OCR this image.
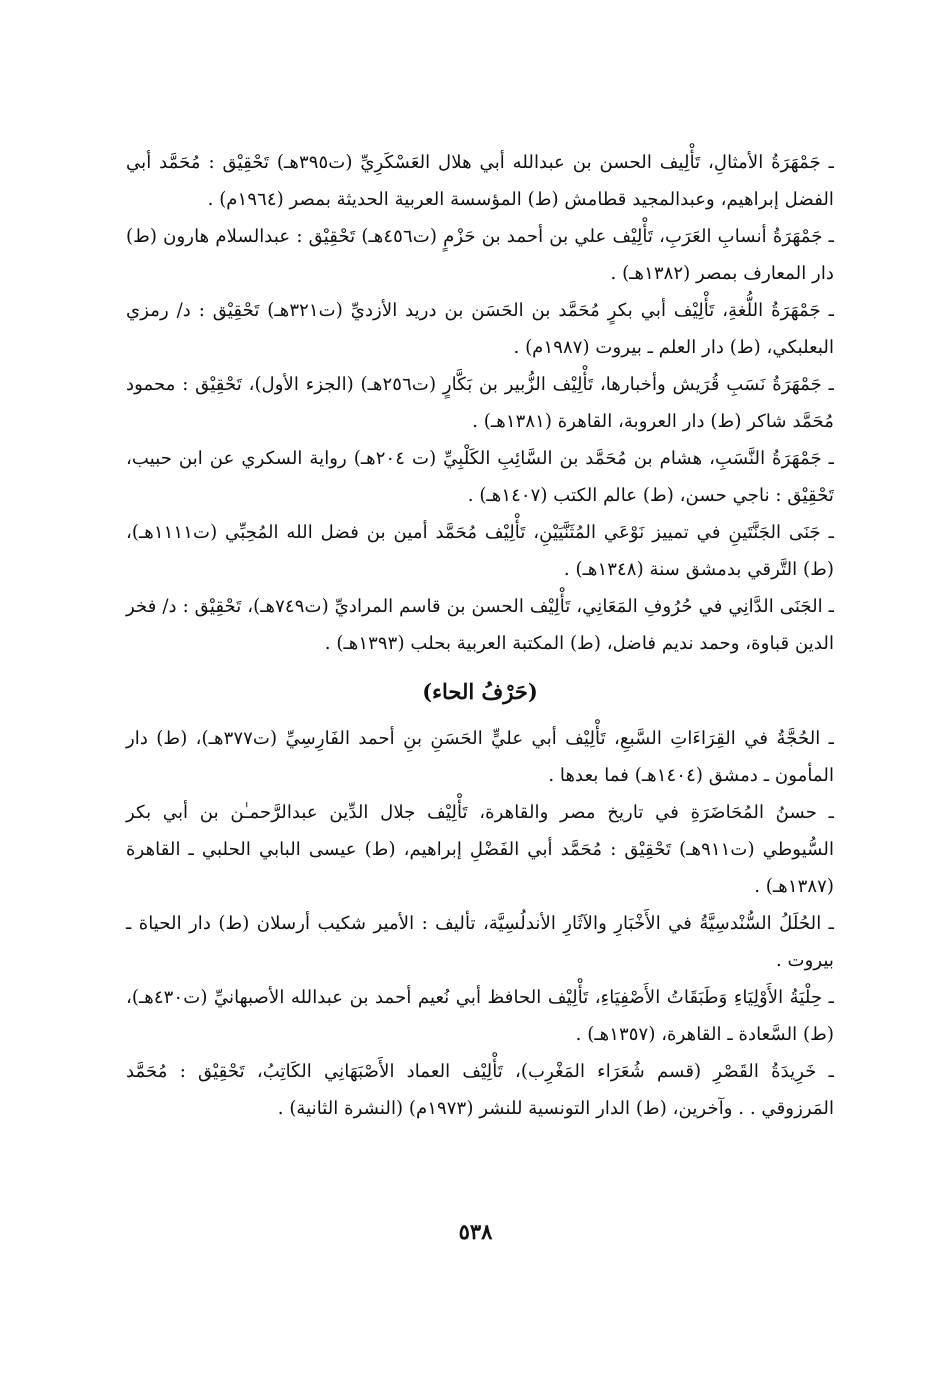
ـ جَمْهَرَةُ الأمثالِ، تَأْلِيف الحسن بن عبدالله أبي هلال العَسْكَرِيِّ (ت٣٩٥هـ) تَحْقِيْق : مُحَمَّد أبي الفضل إبراهيم، وعبدالمجيد قطامش (ط) المؤسسة العربية الحديثة بمصر (١٩٦٤م) .

ـ جَمْهَرَةُ أنسابِ العَرَبِ، تَأْلِيْف علي بن أحمد بن حَزْمٍ (ت٤٥٦هـ) تَحْقِيْق : عبدالسلام هارون (ط) دار المعارف بمصر (١٣٨٢هـ) .

ـ جَمْهَرَةُ اللُّغةِ، تَأْلِيْف أبي بكرٍ مُحَمَّد بن الحَسَن بن دريد الأزديِّ (ت٣٢١هـ) تَحْقِيْق : د/ رمزي البعلبكي، (ط) دار العلم ـ بيروت (١٩٨٧م) .

ـ جَمْهَرَةُ نَسَبِ قُرَيش وأخبارها، تَأْلِيْف الزُّبير بن بَكَّارٍ (ت٢٥٦هـ) (الجزء الأول)، تَحْقِيْق : محمود مُحَمَّد شاكر (ط) دار العروبة، القاهرة (١٣٨١هـ) .

ـ جَمْهَرَةُ النَّسَبِ، هشام بن مُحَمَّد بن السَّائِبِ الكَلْبِيِّ (ت ٢٠٤هـ) رواية السكري عن ابن حبيب، تَحْقِيْق : ناجي حسن، (ط) عالم الكتب (١٤٠٧هـ) .

ـ جَنَى الجَنَّتَينِ في تمييز نَوْعَي المُثَنَّيَيْنِ، تَأْلِيْف مُحَمَّد أمين بن فضل الله المُحِبِّي (ت١١١١هـ)، (ط) التَّرقي بدمشق سنة (١٣٤٨هـ) .

ـ الجَنَى الدَّانِي في حُرُوفِ المَعَانِي، تَأْلِيْف الحسن بن قاسم المراديِّ (ت٧٤٩هـ)، تَحْقِيْق : د/ فخر الدين قباوة، وحمد نديم فاضل، (ط) المكتبة العربية بحلب (١٣٩٣هـ) .

(حَرْفُ الحاء)

ـ الحُجَّةُ في القِرَاءَاتِ السَّبعِ، تَأْلِيْف أبي عليٍّ الحَسَنِ بنِ أحمد الفَارِسِيِّ (ت٣٧٧هـ)، (ط) دار المأمون ـ دمشق (١٤٠٤هـ) فما بعدها .

ـ حسنُ المُحَاضَرَةِ في تاريخ مصر والقاهرة، تَأْلِيْف جلال الدِّين عبدالرَّحمـٰن بن أبي بكر السُّيوطي (ت٩١١هـ) تَحْقِيْق : مُحَمَّد أبي الفَضْلِ إبراهيم، (ط) عيسى البابي الحلبي ـ القاهرة (١٣٨٧هـ) .

ـ الحُلَلُ السُّنْدسِيَّةُ في الأَخْبَارِ والآثَارِ الأندلُسِيَّة، تأليف : الأمير شكيب أرسلان (ط) دار الحياة ـ بيروت .

ـ حِلْيَةُ الأَوْلِيَاءِ وَطَبَقَاتُ الأَصْفِيَاءِ، تَأْلِيْف الحافظ أبي نُعيم أحمد بن عبدالله الأصبهانيِّ (ت٤٣٠هـ)، (ط) السَّعادة ـ القاهرة، (١٣٥٧هـ) .

ـ خَرِيدَةُ القَصْرِ (قسم شُعَرَاء المَغْرِب)، تَأْلِيْف العماد الأَصْبَهَانِي الكَاتِبُ، تَحْقِيْق : مُحَمَّد المَرزوقي . . وآخرين، (ط) الدار التونسية للنشر (١٩٧٣م) (النشرة الثانية) .

٥٣٨
